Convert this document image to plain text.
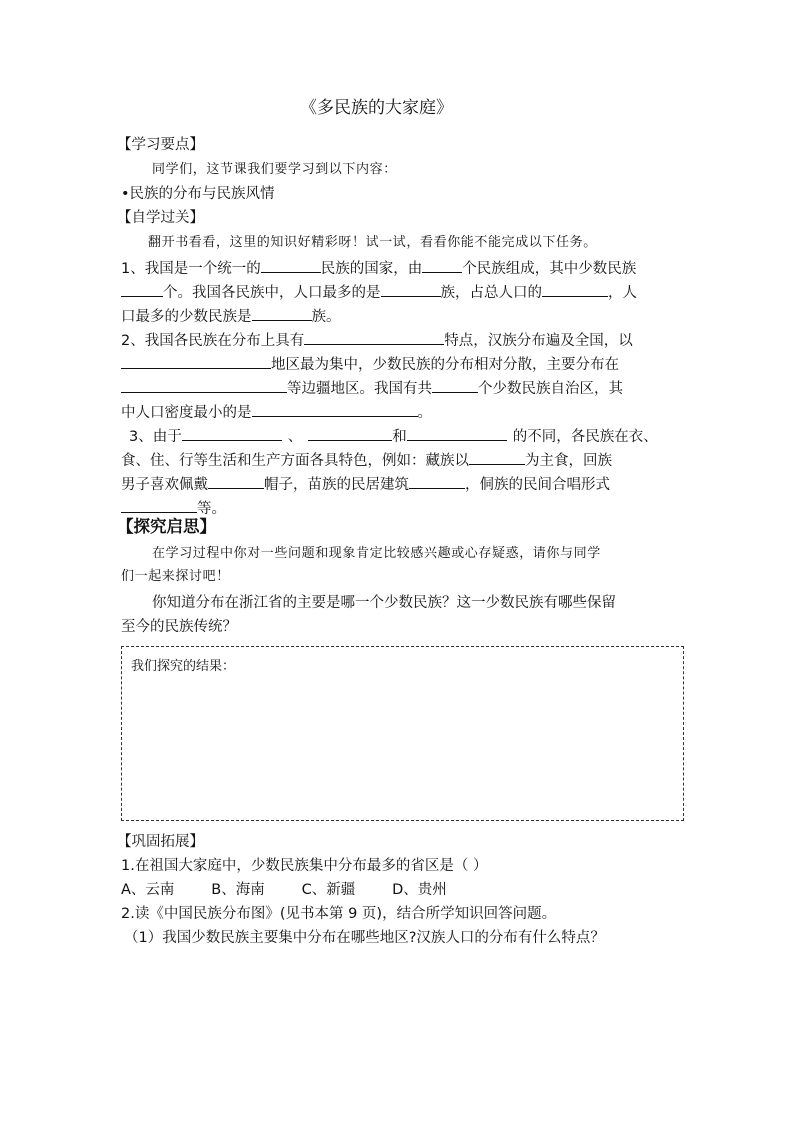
《多民族的大家庭》
【学习要点】
同学们，这节课我们要学习到以下内容：
•民族的分布与民族风情
【自学过关】
翻开书看看，这里的知识好精彩呀！试一试，看看你能不能完成以下任务。
1、我国是一个统一的	民族的国家，由	个民族组成，其中少数民族
个。我国各民族中，人口最多的是	族，占总人口的	，人
口最多的少数民族是	族。
2、我国各民族在分布上具有	特点，汉族分布遍及全国，以
地区最为集中，少数民族的分布相对分散，主要分布在
等边疆地区。我国有共	个少数民族自治区，其
中人口密度最小的是	。
3、由于	、	和	的不同，各民族在衣、
食、住、行等生活和生产方面各具特色，例如：藏族以	为主食，回族
男子喜欢佩戴	帽子，苗族的民居建筑	，侗族的民间合唱形式
等。
【探究启思】
在学习过程中你对一些问题和现象肯定比较感兴趣或心存疑惑，请你与同学
们一起来探讨吧！
你知道分布在浙江省的主要是哪一个少数民族？这一少数民族有哪些保留
至今的民族传统？
我们探究的结果：
【巩固拓展】
1.在祖国大家庭中，少数民族集中分布最多的省区是（ ）
A、云南        B、海南        C、新疆        D、贵州
2.读《中国民族分布图》(见书本第 9 页)，结合所学知识回答问题。
（1）我国少数民族主要集中分布在哪些地区?汉族人口的分布有什么特点？
